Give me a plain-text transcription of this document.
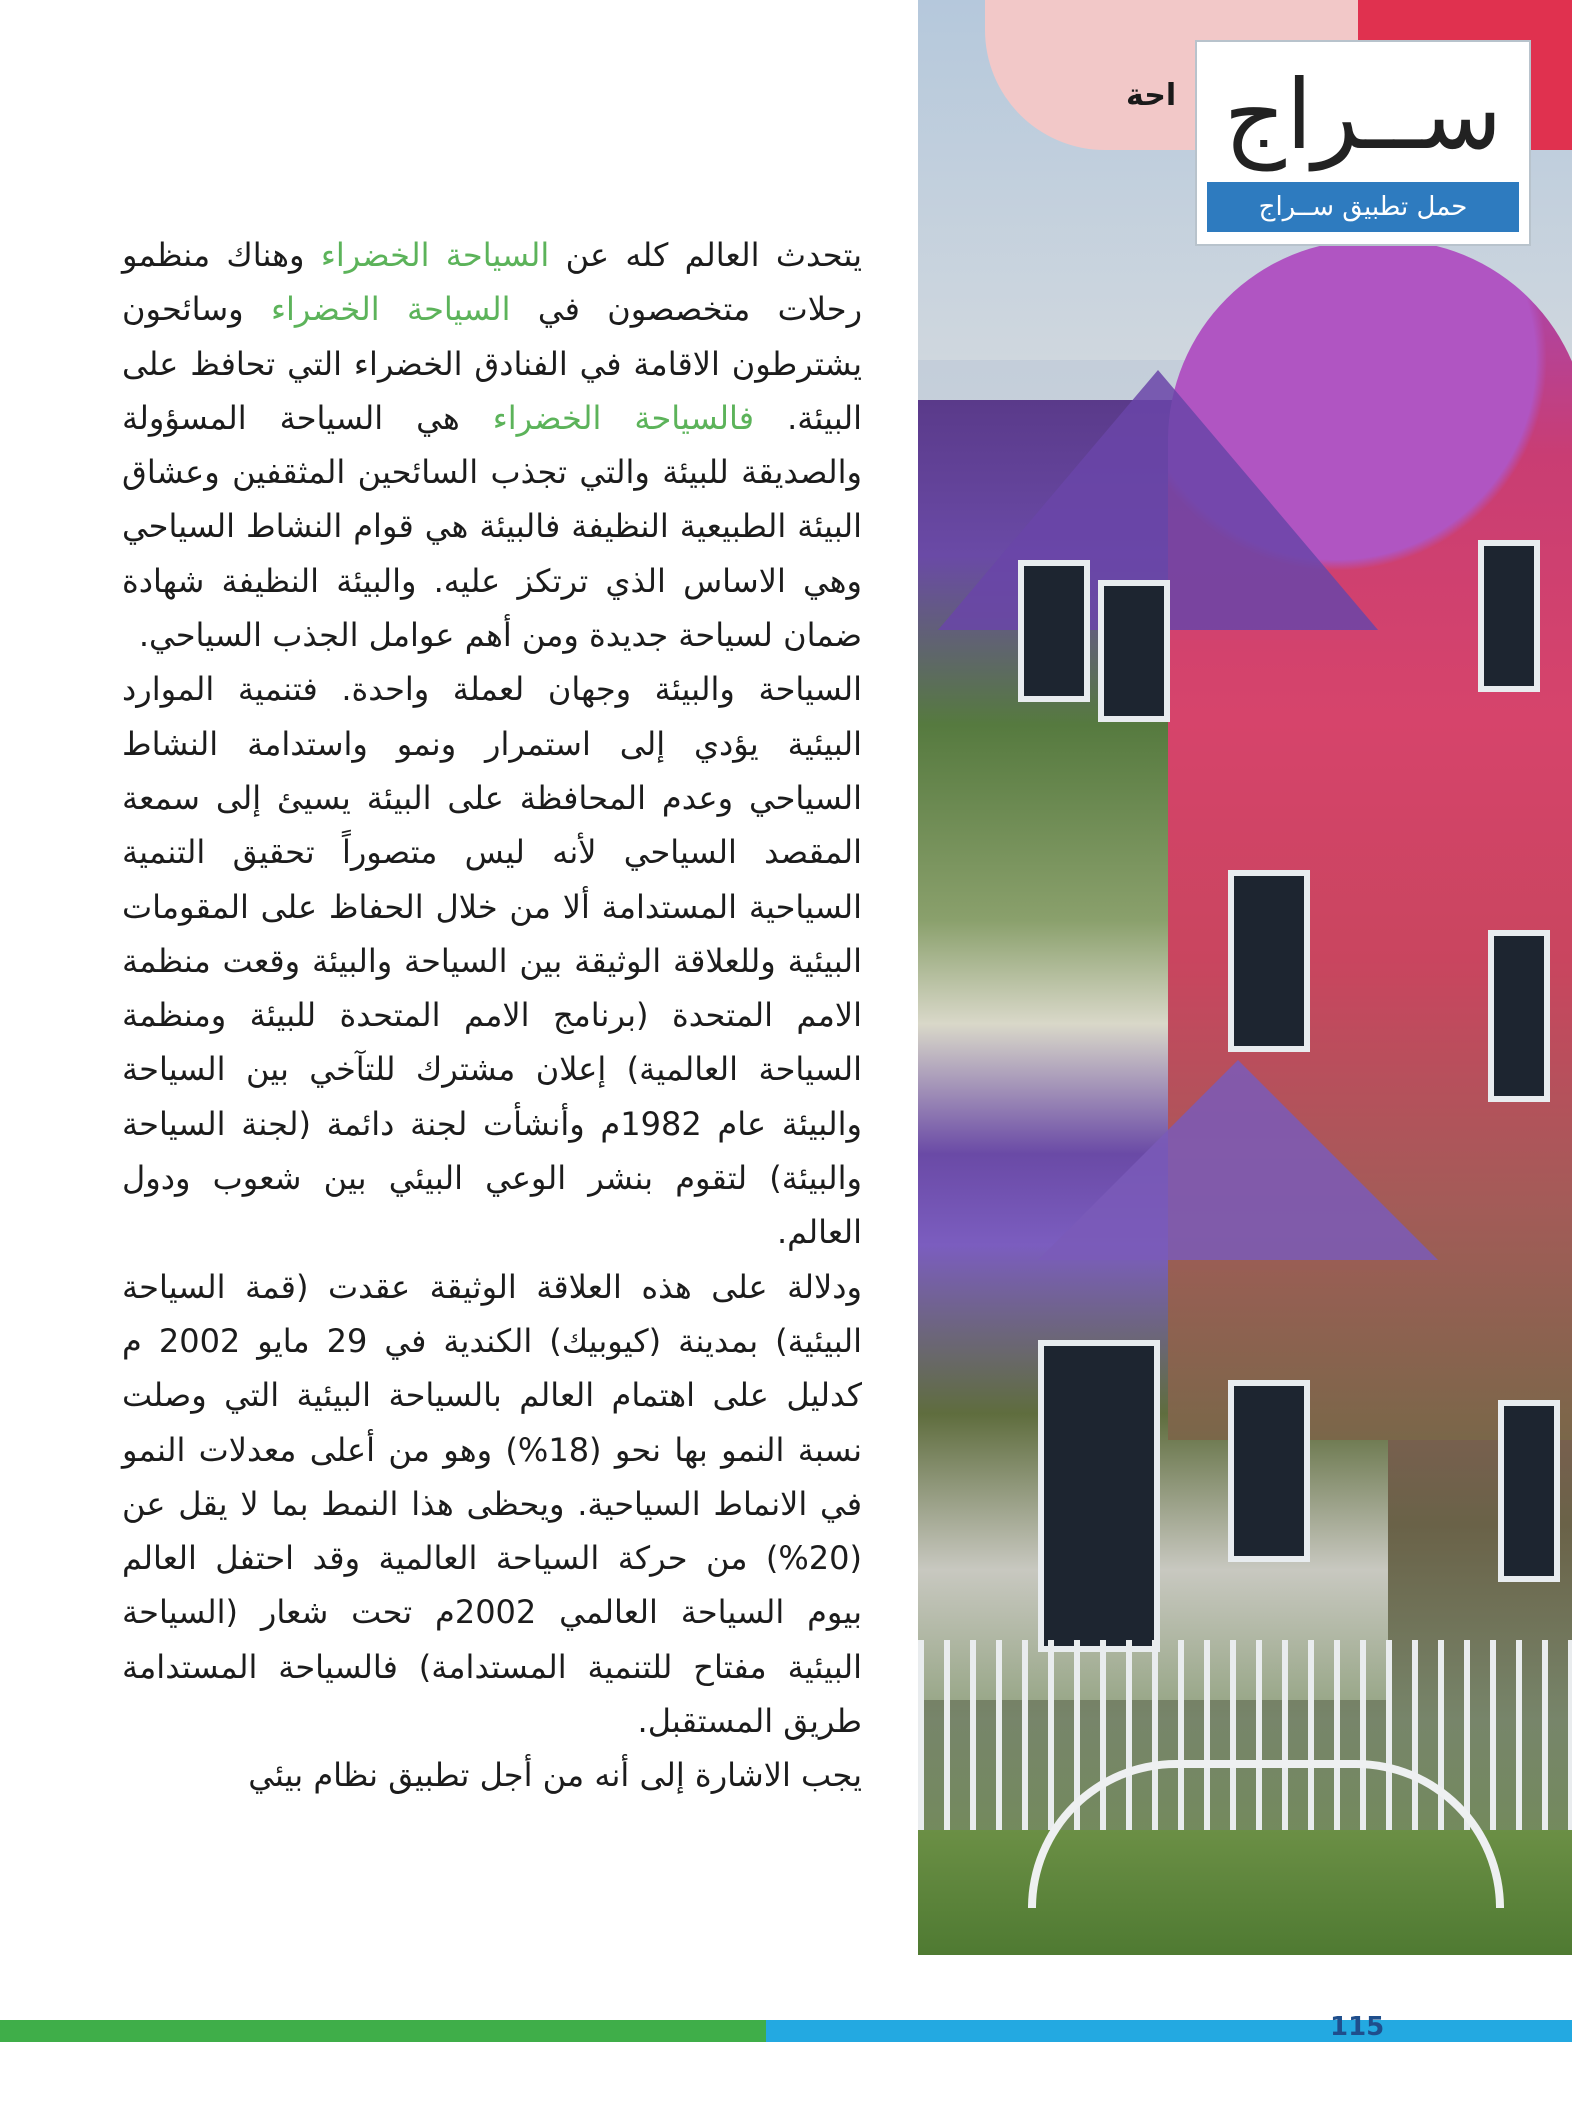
احة ســراج
حمل تطبيق ســراج

يتحدث العالم كله عن السياحة الخضراء وهناك منظمو رحلات متخصصون في السياحة الخضراء وسائحون يشترطون الاقامة في الفنادق الخضراء التي تحافظ على البيئة. فالسياحة الخضراء هي السياحة المسؤولة والصديقة للبيئة والتي تجذب السائحين المثقفين وعشاق البيئة الطبيعية النظيفة فالبيئة هي قوام النشاط السياحي وهي الاساس الذي ترتكز عليه. والبيئة النظيفة شهادة ضمان لسياحة جديدة ومن أهم عوامل الجذب السياحي.

السياحة والبيئة وجهان لعملة واحدة. فتنمية الموارد البيئية يؤدي إلى استمرار ونمو واستدامة النشاط السياحي وعدم المحافظة على البيئة يسيئ إلى سمعة المقصد السياحي لأنه ليس متصوراً تحقيق التنمية السياحية المستدامة ألا من خلال الحفاظ على المقومات البيئية وللعلاقة الوثيقة بين السياحة والبيئة وقعت منظمة الامم المتحدة (برنامج الامم المتحدة للبيئة ومنظمة السياحة العالمية) إعلان مشترك للتآخي بين السياحة والبيئة عام 1982م وأنشأت لجنة دائمة (لجنة السياحة والبيئة) لتقوم بنشر الوعي البيئي بين شعوب ودول العالم.

ودلالة على هذه العلاقة الوثيقة عقدت (قمة السياحة البيئية) بمدينة (كيوبيك) الكندية في 29 مايو 2002 م كدليل على اهتمام العالم بالسياحة البيئية التي وصلت نسبة النمو بها نحو (18%) وهو من أعلى معدلات النمو في الانماط السياحية. ويحظى هذا النمط بما لا يقل عن (20%) من حركة السياحة العالمية وقد احتفل العالم بيوم السياحة العالمي 2002م تحت شعار (السياحة البيئية مفتاح للتنمية المستدامة) فالسياحة المستدامة طريق المستقبل.

يجب الاشارة إلى أنه من أجل تطبيق نظام بيئي

115
